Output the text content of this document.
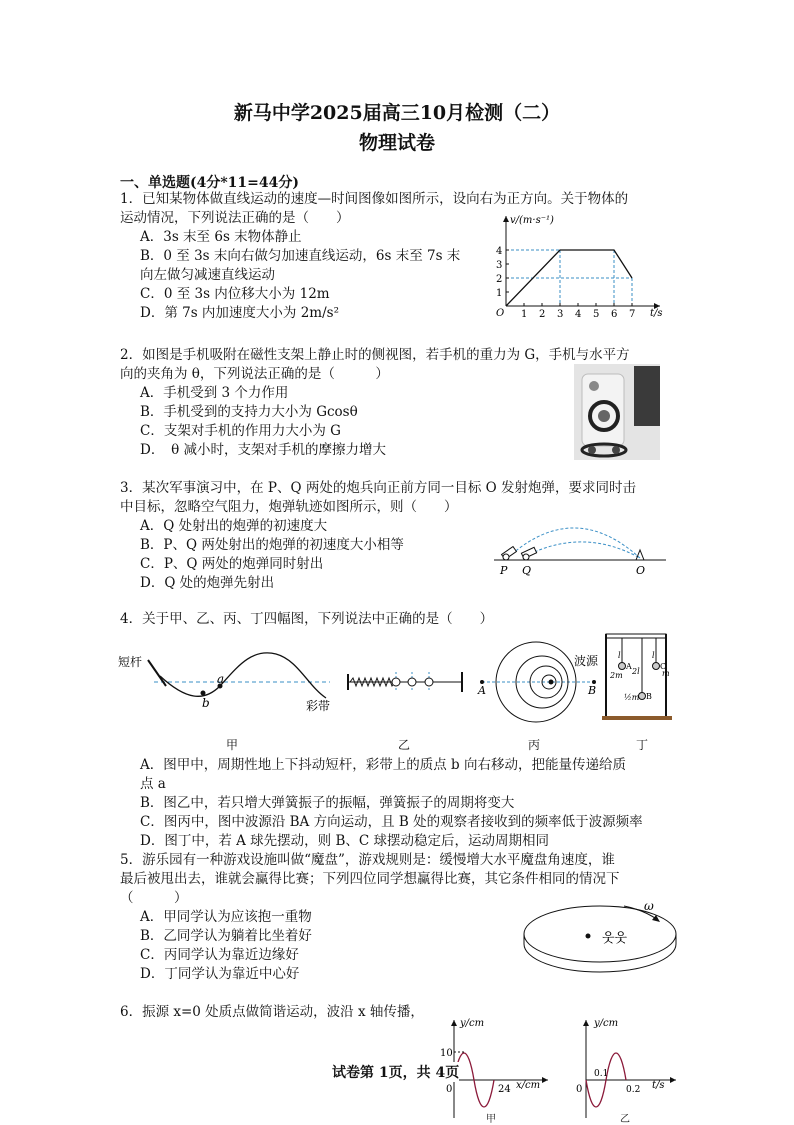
新马中学2025届高三10月检测（二）
物理试卷
一、单选题(4分*11=44分)
1．已知某物体做直线运动的速度—时间图像如图所示，设向右为正方向。关于物体的
运动情况，下列说法正确的是（　　）
A．3s 末至 6s 末物体静止
B．0 至 3s 末向右做匀加速直线运动，6s 末至 7s 末
向左做匀减速直线运动
C．0 至 3s 内位移大小为 12m
D．第 7s 内加速度大小为 2m/s²	1 2 3 4 5 6 7
1
2
3
4
v/(m·s⁻¹)
t/s
O
2．如图是手机吸附在磁性支架上静止时的侧视图，若手机的重力为 G，手机与水平方
向的夹角为 θ，下列说法正确的是（　　　）
A．手机受到 3 个力作用
B．手机受到的支持力大小为 Gcosθ
C．支架对手机的作用力大小为 G
D．　θ 减小时，支架对手机的摩擦力增大
3．某次军事演习中，在 P、Q 两处的炮兵向正前方同一目标 O 发射炮弹，要求同时击
中目标，忽略空气阻力，炮弹轨迹如图所示，则（　　）
A．Q 处射出的炮弹的初速度大
B．P、Q 两处射出的炮弹的初速度大小相等
C．P、Q 两处的炮弹同时射出
D．Q 处的炮弹先射出
P Q	O
4．关于甲、乙、丙、丁四幅图，下列说法中正确的是（　　）
短杆
彩带
a
b
A	B
波源 l	l
2l
2m	m
½m
A
B
C
甲	乙	丙	丁
A．图甲中，周期性地上下抖动短杆，彩带上的质点 b 向右移动，把能量传递给质
点 a
B．图乙中，若只增大弹簧振子的振幅，弹簧振子的周期将变大
C．图丙中，图中波源沿 BA 方向运动，且 B 处的观察者接收到的频率低于波源频率
D．图丁中，若 A 球先摆动，则 B、C 球摆动稳定后，运动周期相同
5．游乐园有一种游戏设施叫做“魔盘”，游戏规则是：缓慢增大水平魔盘角速度，谁
最后被甩出去，谁就会赢得比赛；下列四位同学想赢得比赛，其它条件相同的情况下
（　　　）
A．甲同学认为应该抱一重物
B．乙同学认为躺着比坐着好
C．丙同学认为靠近边缘好
D．丁同学认为靠近中心好
웃웃
ω
6．振源 x=0 处质点做简谐运动，波沿 x 轴传播，
y/cm
10
0	24 x/cm
甲
y/cm
0
0.1
0.2 t/s
乙
试卷第 1页，共 4页
